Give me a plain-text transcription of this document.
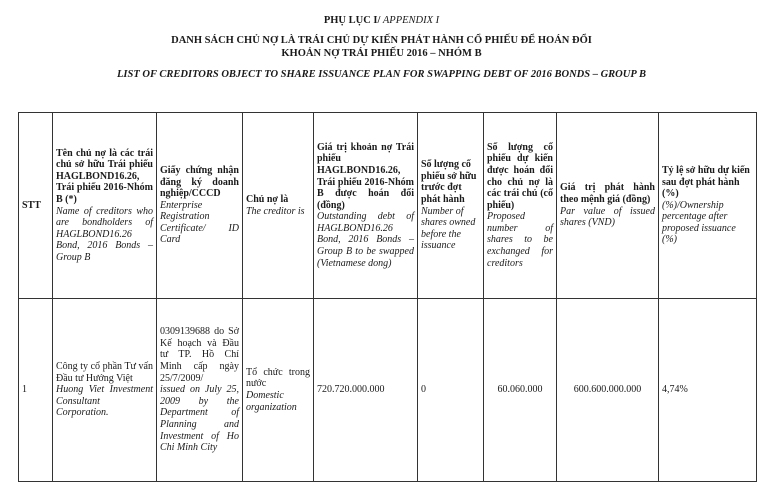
PHỤ LỤC I/ APPENDIX I
DANH SÁCH CHỦ NỢ LÀ TRÁI CHỦ DỰ KIẾN PHÁT HÀNH CỔ PHIẾU ĐỂ HOÁN ĐỔI
KHOẢN NỢ TRÁI PHIẾU 2016 – NHÓM B
LIST OF CREDITORS OBJECT TO SHARE ISSUANCE PLAN FOR SWAPPING DEBT OF 2016 BONDS – GROUP B
STT	Tên chủ nợ là các trái chủ sở hữu Trái phiếu HAGLBOND16.26, Trái phiếu 2016-Nhóm B (*)
Name of creditors who are bondholders of HAGLBOND16.26 Bond, 2016 Bonds – Group B	Giấy chứng nhận đăng ký doanh nghiệp/CCCD
Enterprise Registration Certificate/ ID Card	Chủ nợ là
The creditor is	Giá trị khoản nợ Trái phiếu HAGLBOND16.26, Trái phiếu 2016-Nhóm B được hoán đổi (đồng)
Outstanding debt of HAGLBOND16.26 Bond, 2016 Bonds – Group B to be swapped (Vietnamese dong)	Số lượng cổ phiếu sở hữu trước đợt phát hành
Number of shares owned before the issuance	Số lượng cổ phiếu dự kiến được hoán đổi cho chủ nợ là các trái chủ (cổ phiếu)
Proposed number of shares to be exchanged for creditors	Giá trị phát hành theo mệnh giá (đồng)
Par value of issued shares (VND)	Tỷ lệ sở hữu dự kiến sau đợt phát hành (%)
(%)/Ownership percentage after proposed issuance (%)

1	Công ty cổ phần Tư vấn Đầu tư Hướng Việt
Huong Viet Investment Consultant Corporation.	0309139688 do Sở Kế hoạch và Đầu tư TP. Hồ Chí Minh cấp ngày 25/7/2009/
issued on July 25, 2009 by the Department of Planning and Investment of Ho Chi Minh City	Tổ chức trong nước
Domestic organization	720.720.000.000	0	60.060.000	600.600.000.000	4,74%
